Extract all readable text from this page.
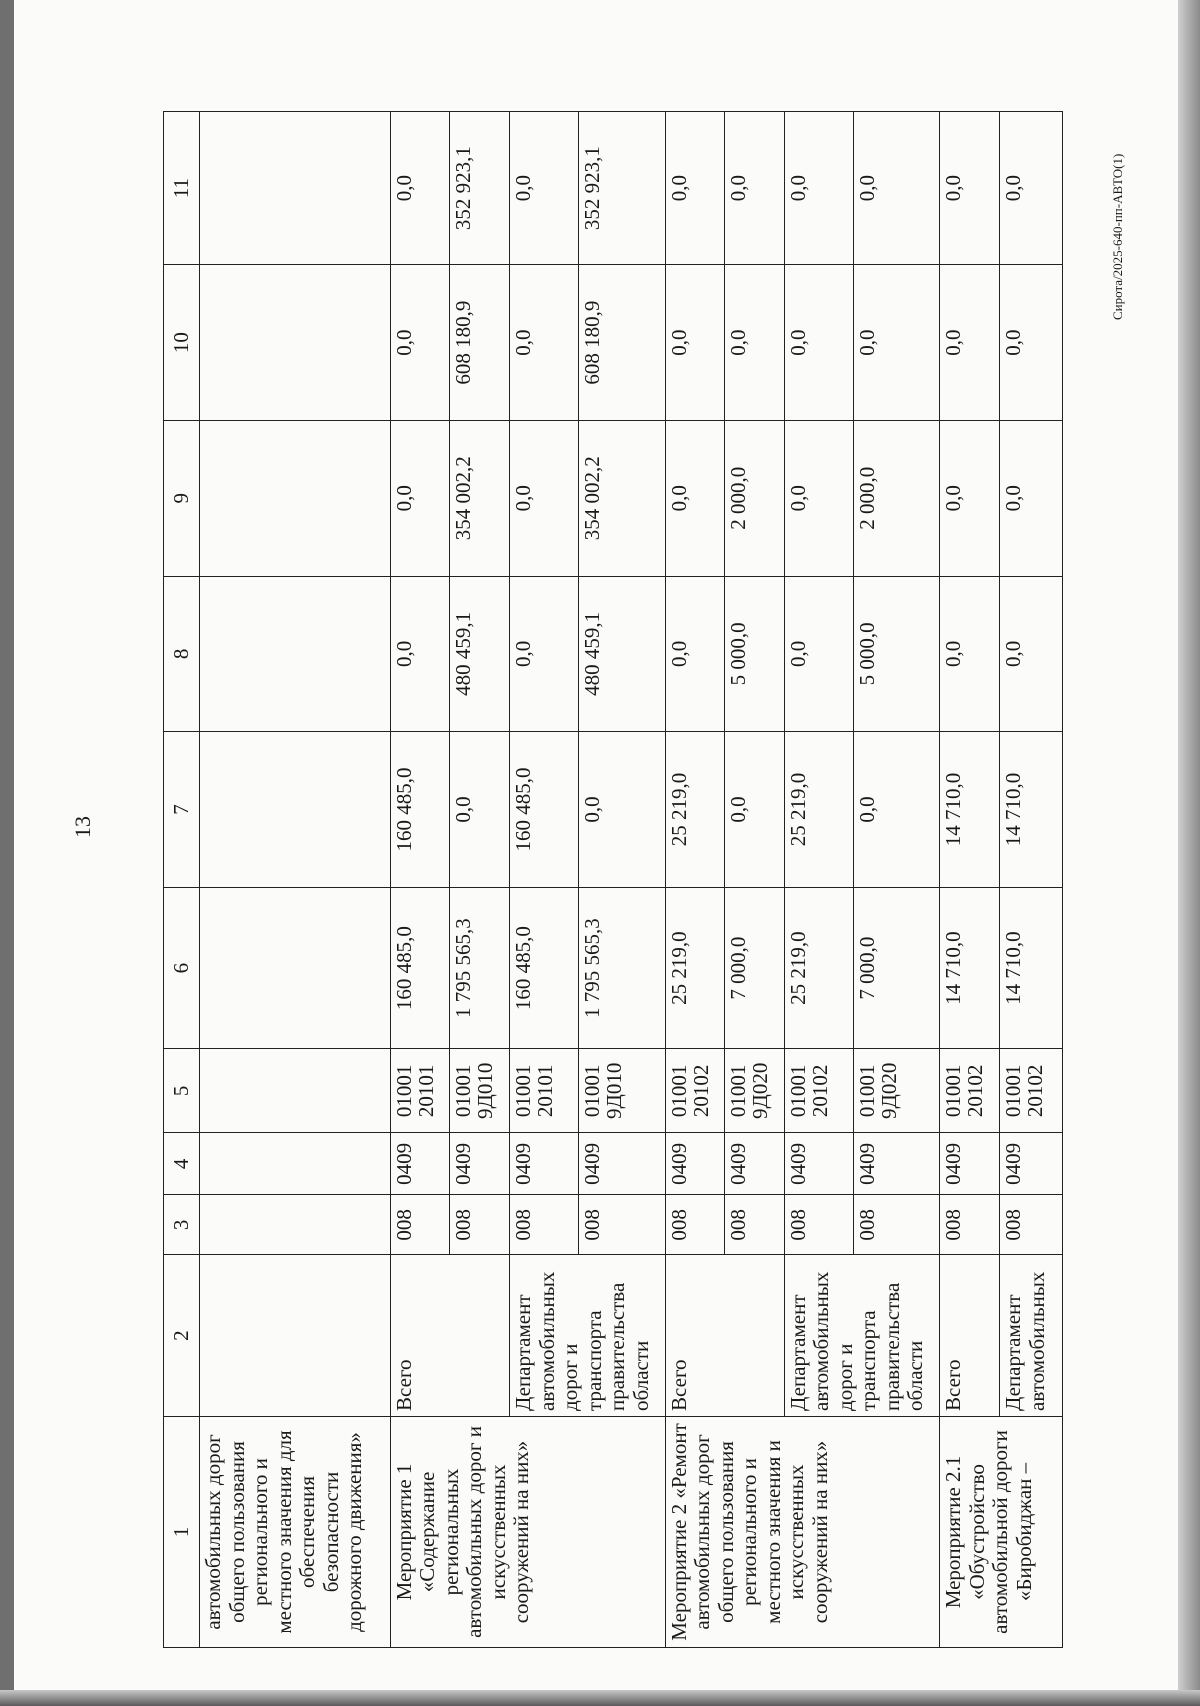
13
Сирота/2025-640-пп-АВТО(1)
1	2	3	4	5	6	7	8	9	10	11
автомобильных дорог общего пользования регионального и местного значения для обеспечения безопасности дорожного движения»										
Мероприятие 1 «Содержание региональных автомобильных дорог и искусственных сооружений на них»	Всего	008	0409	01001 20101	160 485,0	160 485,0	0,0	0,0	0,0	0,0
		008	0409	01001 9Д010	1 795 565,3	0,0	480 459,1	354 002,2	608 180,9	352 923,1
	Департамент автомобильных дорог и транспорта правительства области	008	0409	01001 20101	160 485,0	160 485,0	0,0	0,0	0,0	0,0
		008	0409	01001 9Д010	1 795 565,3	0,0	480 459,1	354 002,2	608 180,9	352 923,1
Мероприятие 2 «Ремонт автомобильных дорог общего пользования регионального и местного значения и искусственных сооружений на них»	Всего	008	0409	01001 20102	25 219,0	25 219,0	0,0	0,0	0,0	0,0
		008	0409	01001 9Д020	7 000,0	0,0	5 000,0	2 000,0	0,0	0,0
	Департамент автомобильных дорог и транспорта правительства области	008	0409	01001 20102	25 219,0	25 219,0	0,0	0,0	0,0	0,0
		008	0409	01001 9Д020	7 000,0	0,0	5 000,0	2 000,0	0,0	0,0
Мероприятие 2.1 «Обустройство автомобильной дороги «Биробиджан –	Всего	008	0409	01001 20102	14 710,0	14 710,0	0,0	0,0	0,0	0,0
	Департамент автомобильных	008	0409	01001 20102	14 710,0	14 710,0	0,0	0,0	0,0	0,0
